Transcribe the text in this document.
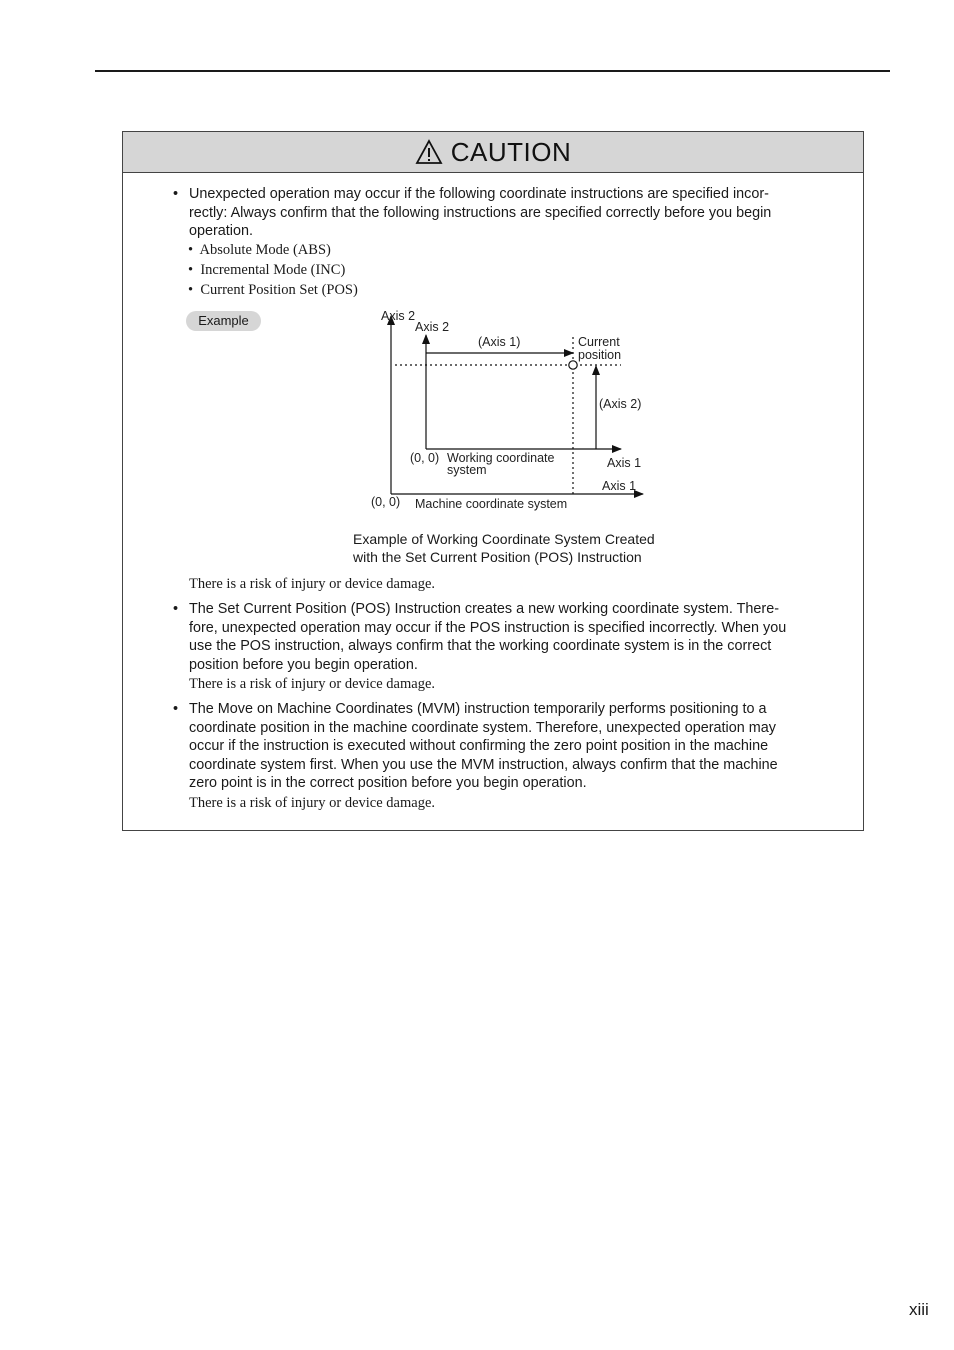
CAUTION
• Unexpected operation may occur if the following coordinate instructions are specified incor-
rectly: Always confirm that the following instructions are specified correctly before you begin
operation.
• Absolute Mode (ABS)
• Incremental Mode (INC)
• Current Position Set (POS)
Example	Axis 2
Axis 2
(Axis 1)	Current
position
(Axis 2)
(0, 0) Working coordinate
system	Axis 1
Axis 1
(0, 0) Machine coordinate system
Example of Working Coordinate System Created
with the Set Current Position (POS) Instruction
There is a risk of injury or device damage.
• The Set Current Position (POS) Instruction creates a new working coordinate system. There-
fore, unexpected operation may occur if the POS instruction is specified incorrectly. When you
use the POS instruction, always confirm that the working coordinate system is in the correct
position before you begin operation.
There is a risk of injury or device damage.
• The Move on Machine Coordinates (MVM) instruction temporarily performs positioning to a
coordinate position in the machine coordinate system. Therefore, unexpected operation may
occur if the instruction is executed without confirming the zero point position in the machine
coordinate system first. When you use the MVM instruction, always confirm that the machine
zero point is in the correct position before you begin operation.
There is a risk of injury or device damage.
xiii
